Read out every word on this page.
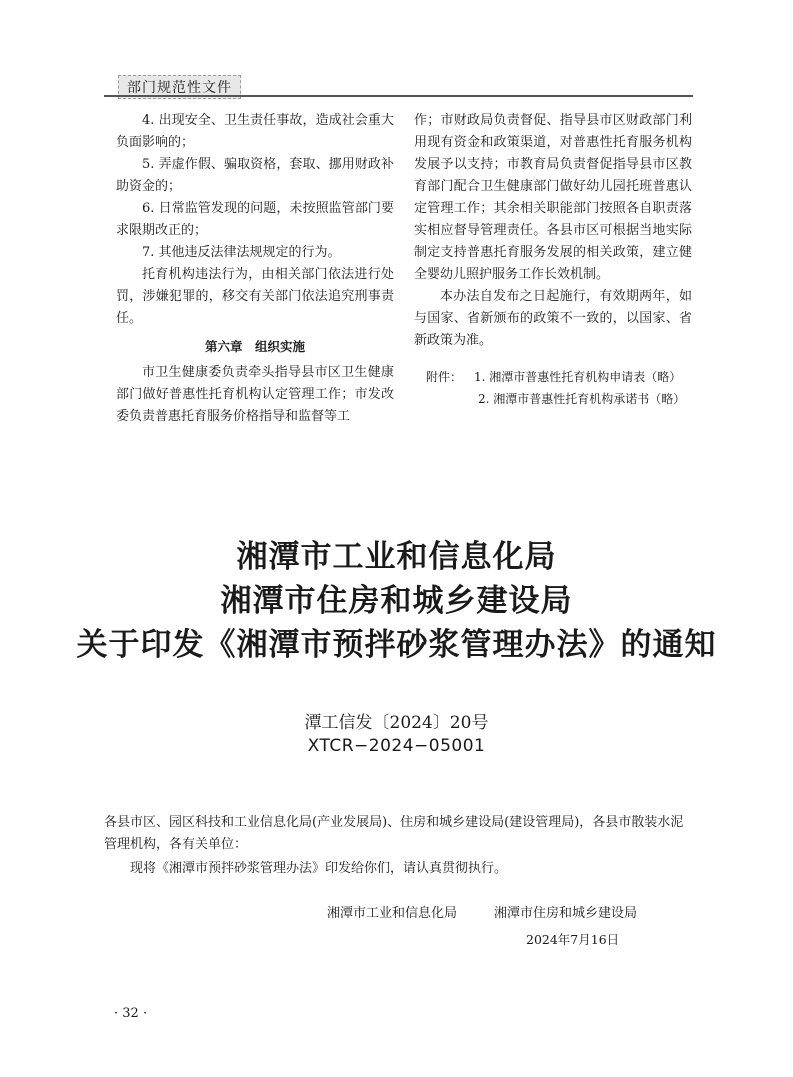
部门规范性文件

4. 出现安全、卫生责任事故，造成社会重大负面影响的；

5. 弄虚作假、骗取资格，套取、挪用财政补助资金的；

6. 日常监管发现的问题，未按照监管部门要求限期改正的；

7. 其他违反法律法规规定的行为。

托育机构违法行为，由相关部门依法进行处罚，涉嫌犯罪的，移交有关部门依法追究刑事责任。

第六章　组织实施

市卫生健康委负责牵头指导县市区卫生健康部门做好普惠性托育机构认定管理工作；市发改委负责普惠托育服务价格指导和监督等工

作；市财政局负责督促、指导县市区财政部门利用现有资金和政策渠道，对普惠性托育服务机构发展予以支持；市教育局负责督促指导县市区教育部门配合卫生健康部门做好幼儿园托班普惠认定管理工作；其余相关职能部门按照各自职责落实相应督导管理责任。各县市区可根据当地实际制定支持普惠托育服务发展的相关政策，建立健全婴幼儿照护服务工作长效机制。

本办法自发布之日起施行，有效期两年，如与国家、省新颁布的政策不一致的，以国家、省新政策为准。

附件： 1. 湘潭市普惠性托育机构申请表（略）
2. 湘潭市普惠性托育机构承诺书（略）
湘潭市工业和信息化局
湘潭市住房和城乡建设局
关于印发《湘潭市预拌砂浆管理办法》的通知
潭工信发〔2024〕20号
XTCR−2024−05001

各县市区、园区科技和工业信息化局(产业发展局)、住房和城乡建设局(建设管理局)，各县市散装水泥管理机构，各有关单位：

现将《湘潭市预拌砂浆管理办法》印发给你们，请认真贯彻执行。

湘潭市工业和信息化局	湘潭市住房和城乡建设局
2024年7月16日
· 32 ·
